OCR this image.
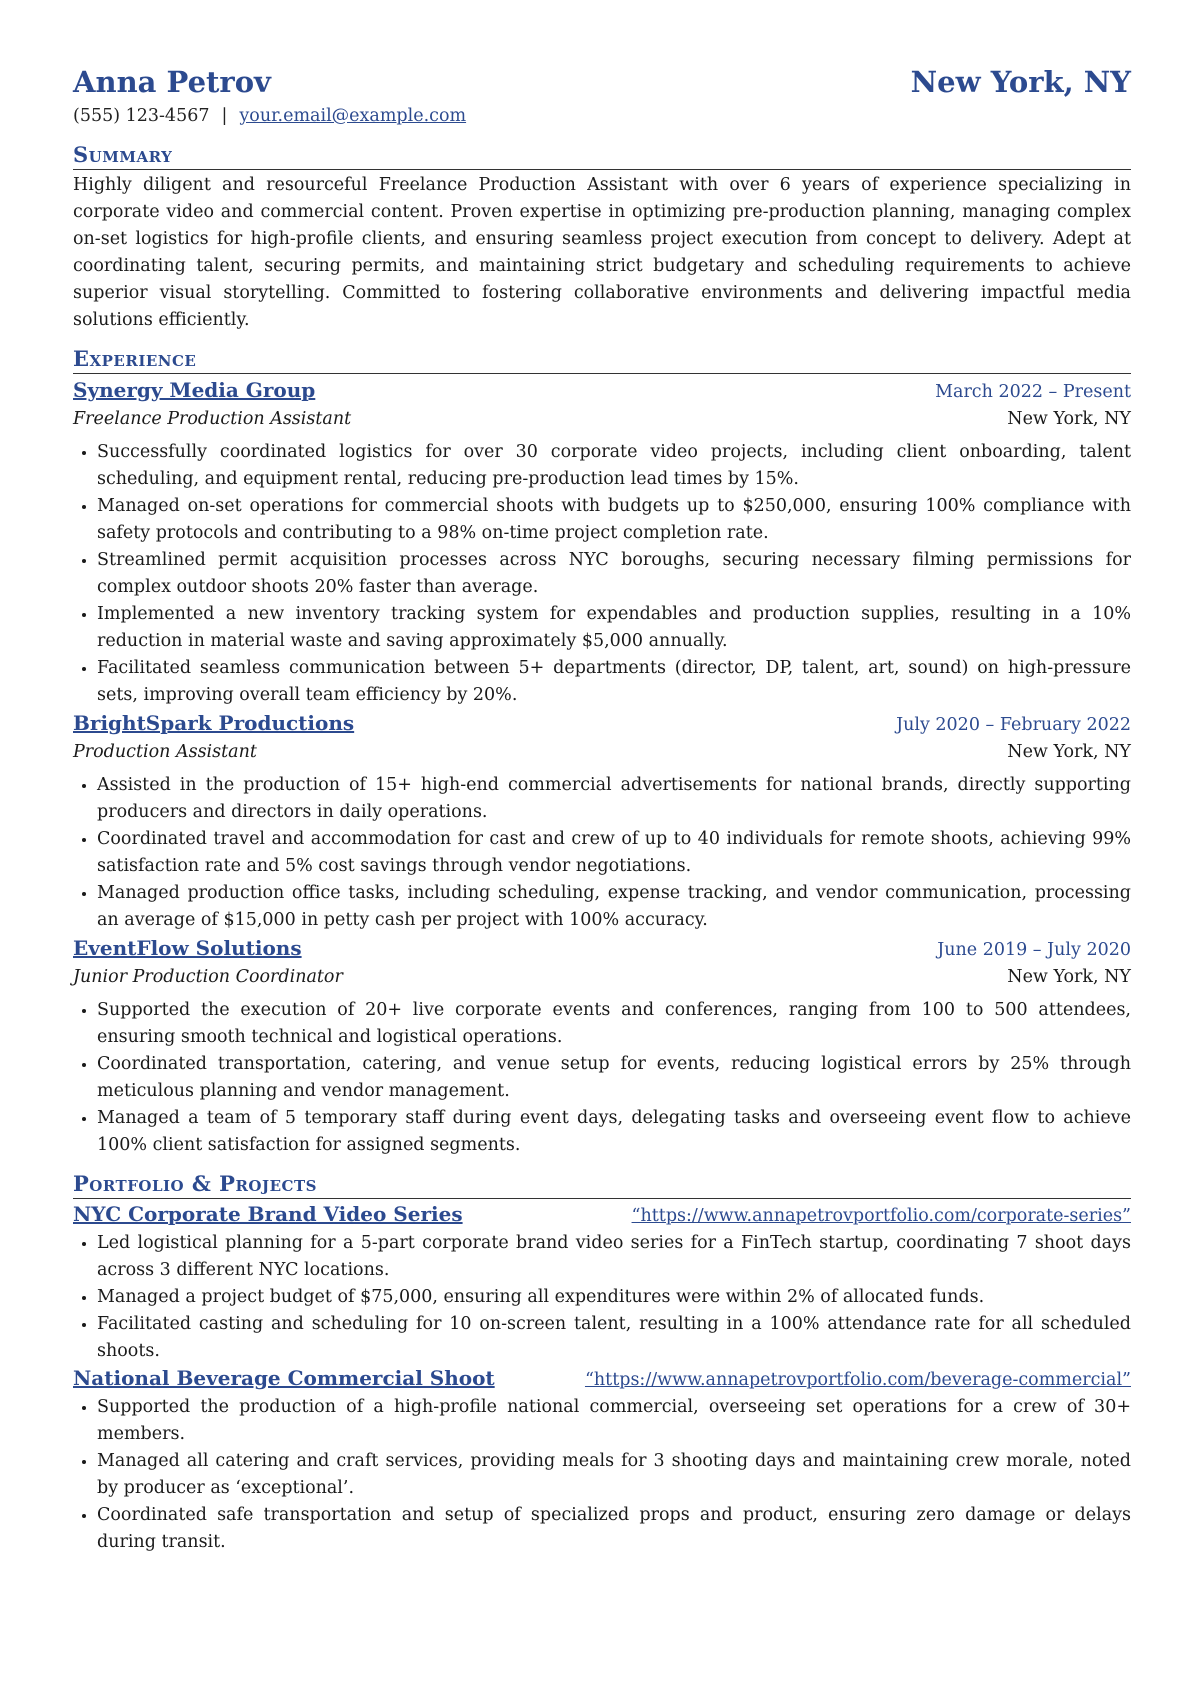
Anna Petrov	New York, NY
(555) 123-4567 | your.email@example.com
Summary
Highly diligent and resourceful Freelance Production Assistant with over 6 years of experience specializing in corporate video and commercial content. Proven expertise in optimizing pre-production planning, managing complex on-set logistics for high-profile clients, and ensuring seamless project execution from concept to delivery. Adept at coordinating talent, securing permits, and maintaining strict budgetary and scheduling requirements to achieve superior visual storytelling. Committed to fostering collaborative environments and delivering impactful media solutions efficiently.
Experience
Synergy Media Group	March 2022 – Present
Freelance Production Assistant	New York, NY
• Successfully coordinated logistics for over 30 corporate video projects, including client onboarding, talent scheduling, and equipment rental, reducing pre-production lead times by 15%.
• Managed on-set operations for commercial shoots with budgets up to $250,000, ensuring 100% compliance with safety protocols and contributing to a 98% on-time project completion rate.
• Streamlined permit acquisition processes across NYC boroughs, securing necessary filming permissions for complex outdoor shoots 20% faster than average.
• Implemented a new inventory tracking system for expendables and production supplies, resulting in a 10% reduction in material waste and saving approximately $5,000 annually.
• Facilitated seamless communication between 5+ departments (director, DP, talent, art, sound) on high-pressure sets, improving overall team efficiency by 20%.
BrightSpark Productions	July 2020 – February 2022
Production Assistant	New York, NY
• Assisted in the production of 15+ high-end commercial advertisements for national brands, directly supporting producers and directors in daily operations.
• Coordinated travel and accommodation for cast and crew of up to 40 individuals for remote shoots, achieving 99% satisfaction rate and 5% cost savings through vendor negotiations.
• Managed production office tasks, including scheduling, expense tracking, and vendor communication, processing an average of $15,000 in petty cash per project with 100% accuracy.
EventFlow Solutions	June 2019 – July 2020
Junior Production Coordinator	New York, NY
• Supported the execution of 20+ live corporate events and conferences, ranging from 100 to 500 attendees, ensuring smooth technical and logistical operations.
• Coordinated transportation, catering, and venue setup for events, reducing logistical errors by 25% through meticulous planning and vendor management.
• Managed a team of 5 temporary staff during event days, delegating tasks and overseeing event flow to achieve 100% client satisfaction for assigned segments.
Portfolio & Projects
NYC Corporate Brand Video Series	“https://www.annapetrovportfolio.com/corporate-series”
• Led logistical planning for a 5-part corporate brand video series for a FinTech startup, coordinating 7 shoot days across 3 different NYC locations.
• Managed a project budget of $75,000, ensuring all expenditures were within 2% of allocated funds.
• Facilitated casting and scheduling for 10 on-screen talent, resulting in a 100% attendance rate for all scheduled shoots.
National Beverage Commercial Shoot	“https://www.annapetrovportfolio.com/beverage-commercial”
• Supported the production of a high-profile national commercial, overseeing set operations for a crew of 30+ members.
• Managed all catering and craft services, providing meals for 3 shooting days and maintaining crew morale, noted by producer as ‘exceptional’.
• Coordinated safe transportation and setup of specialized props and product, ensuring zero damage or delays during transit.
